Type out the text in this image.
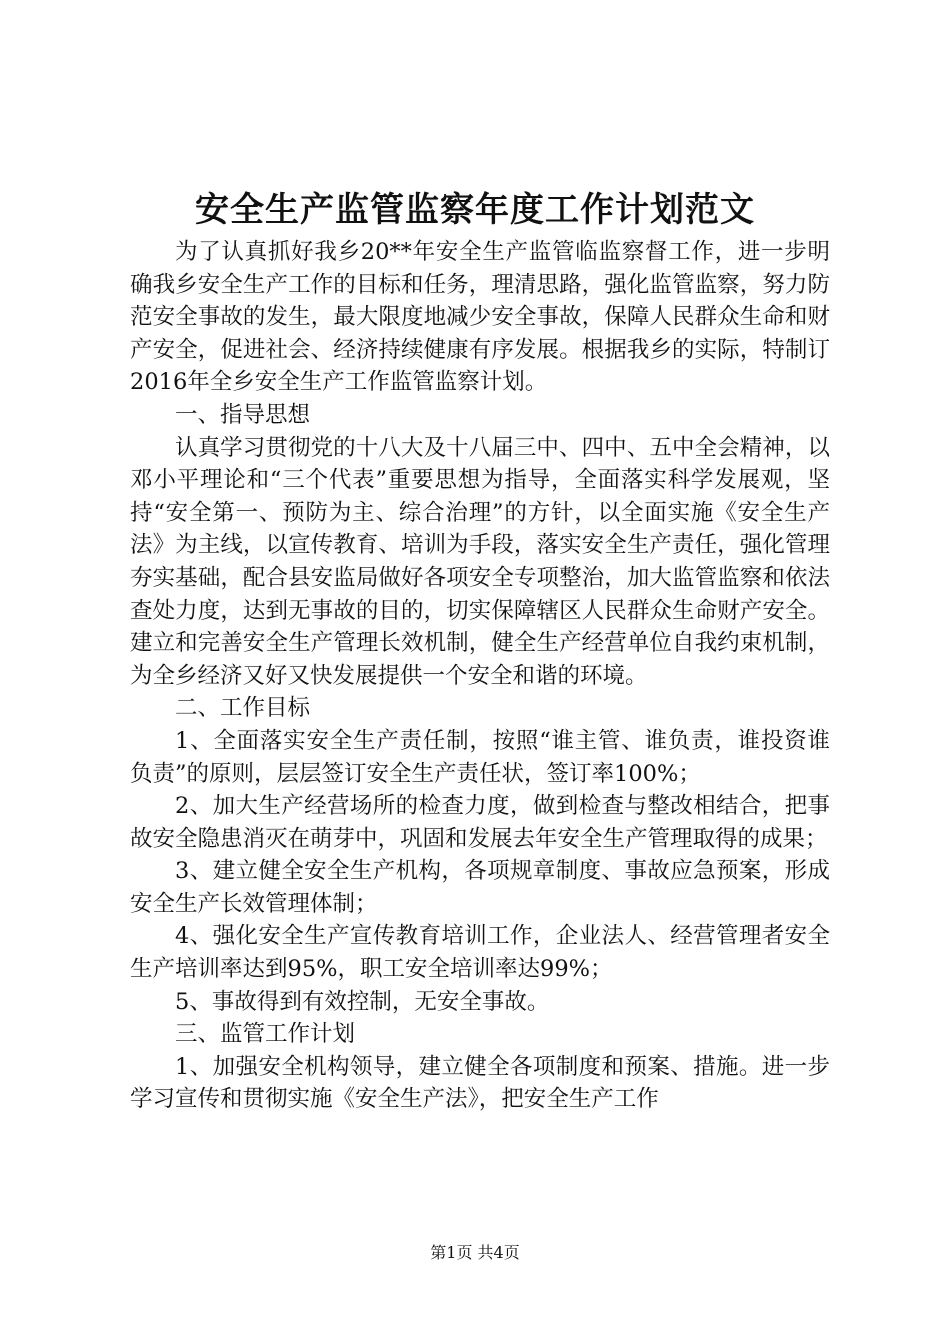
安全生产监管监察年度工作计划范文

为了认真抓好我乡20**年安全生产监管临监察督工作，进一步明确我乡安全生产工作的目标和任务，理清思路，强化监管监察，努力防范安全事故的发生，最大限度地减少安全事故，保障人民群众生命和财产安全，促进社会、经济持续健康有序发展。根据我乡的实际，特制订2016年全乡安全生产工作监管监察计划。

一、指导思想

认真学习贯彻党的十八大及十八届三中、四中、五中全会精神，以邓小平理论和“三个代表”重要思想为指导，全面落实科学发展观，坚持“安全第一、预防为主、综合治理”的方针，以全面实施《安全生产法》为主线，以宣传教育、培训为手段，落实安全生产责任，强化管理夯实基础，配合县安监局做好各项安全专项整治，加大监管监察和依法查处力度，达到无事故的目的，切实保障辖区人民群众生命财产安全。建立和完善安全生产管理长效机制，健全生产经营单位自我约束机制，为全乡经济又好又快发展提供一个安全和谐的环境。

二、工作目标

1、全面落实安全生产责任制，按照“谁主管、谁负责，谁投资谁负责”的原则，层层签订安全生产责任状，签订率100%；

2、加大生产经营场所的检查力度，做到检查与整改相结合，把事故安全隐患消灭在萌芽中，巩固和发展去年安全生产管理取得的成果；

3、建立健全安全生产机构，各项规章制度、事故应急预案，形成安全生产长效管理体制；

4、强化安全生产宣传教育培训工作，企业法人、经营管理者安全生产培训率达到95%，职工安全培训率达99%；

5、事故得到有效控制，无安全事故。

三、监管工作计划

1、加强安全机构领导，建立健全各项制度和预案、措施。进一步学习宣传和贯彻实施《安全生产法》，把安全生产工作

第1页 共4页
